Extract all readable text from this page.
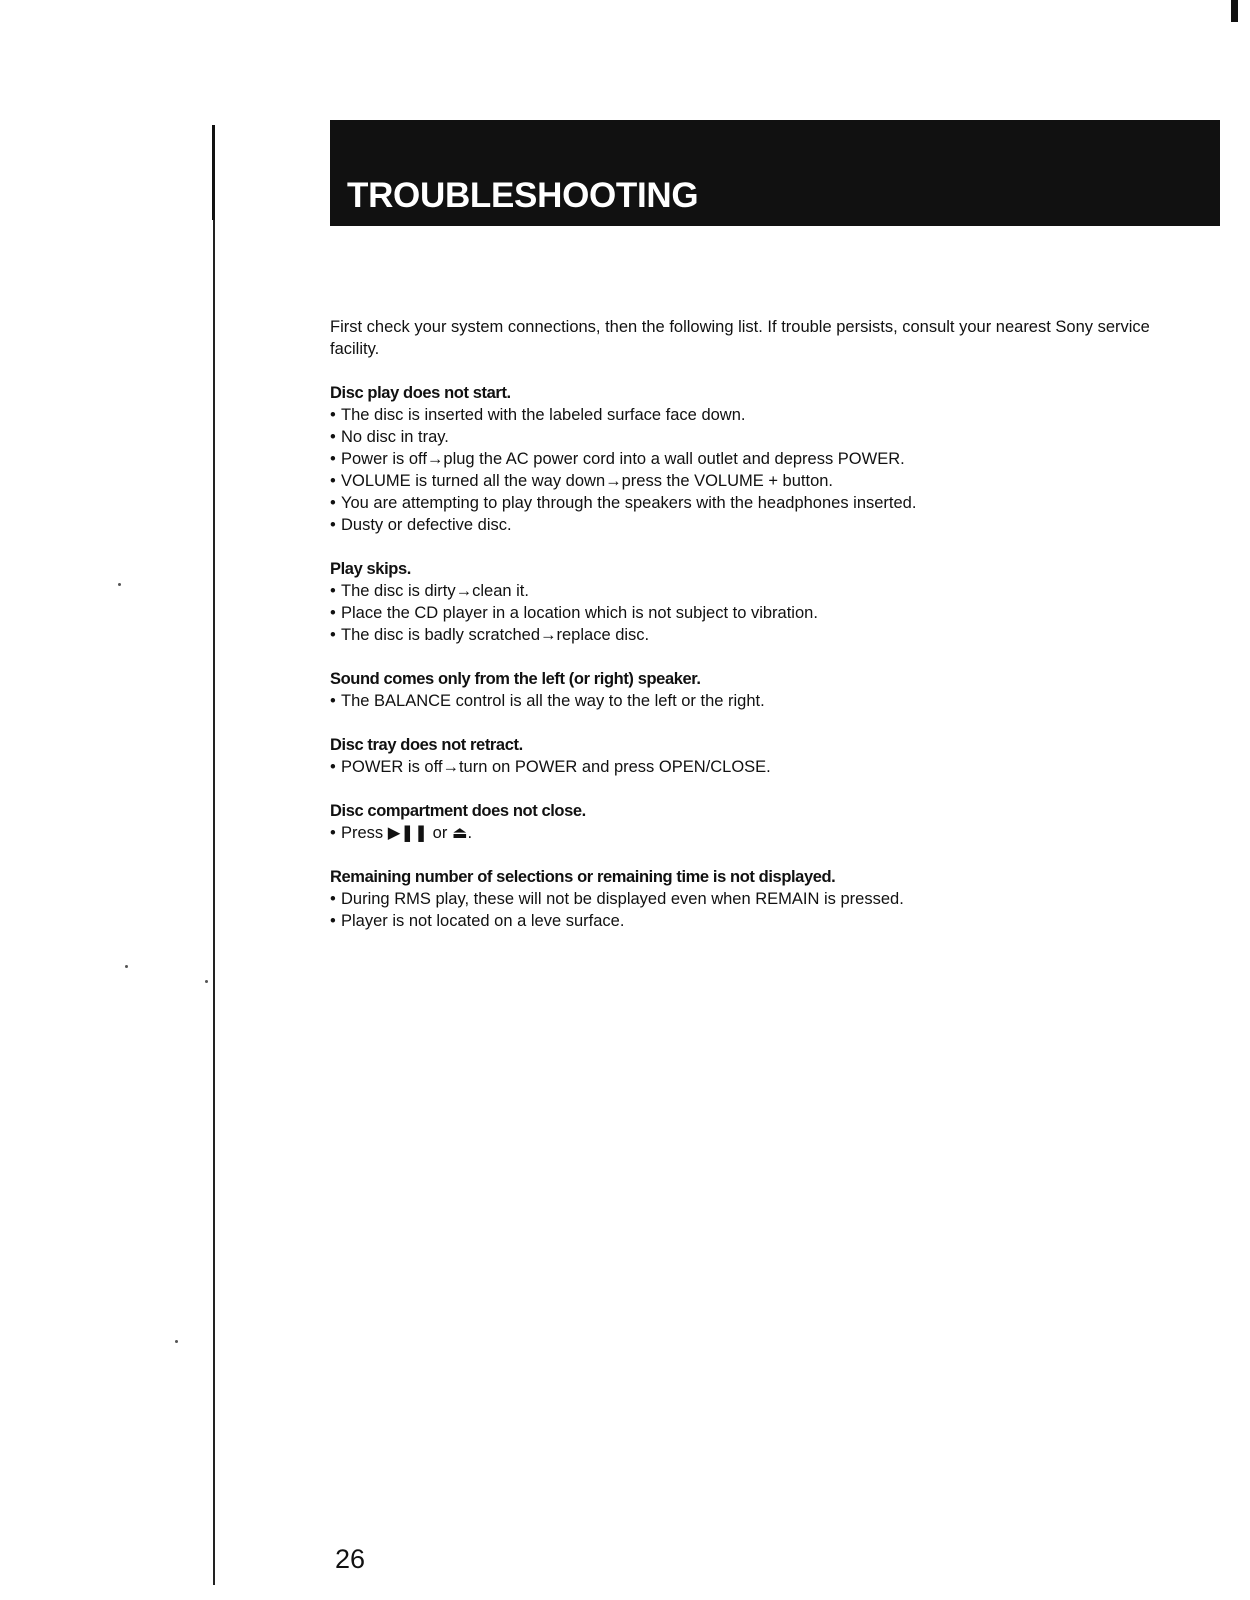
TROUBLESHOOTING

First check your system connections, then the following list. If trouble persists, consult your nearest Sony service facility.

Disc play does not start.
• The disc is inserted with the labeled surface face down.
• No disc in tray.
• Power is off→plug the AC power cord into a wall outlet and depress POWER.
• VOLUME is turned all the way down→press the VOLUME + button.
• You are attempting to play through the speakers with the headphones inserted.
• Dusty or defective disc.
Play skips.
• The disc is dirty→clean it.
• Place the CD player in a location which is not subject to vibration.
• The disc is badly scratched→replace disc.
Sound comes only from the left (or right) speaker.
• The BALANCE control is all the way to the left or the right.
Disc tray does not retract.
• POWER is off→turn on POWER and press OPEN/CLOSE.
Disc compartment does not close.
• Press ▶❚❚ or ⏏.
Remaining number of selections or remaining time is not displayed.
• During RMS play, these will not be displayed even when REMAIN is pressed.
• Player is not located on a leve surface.

26
